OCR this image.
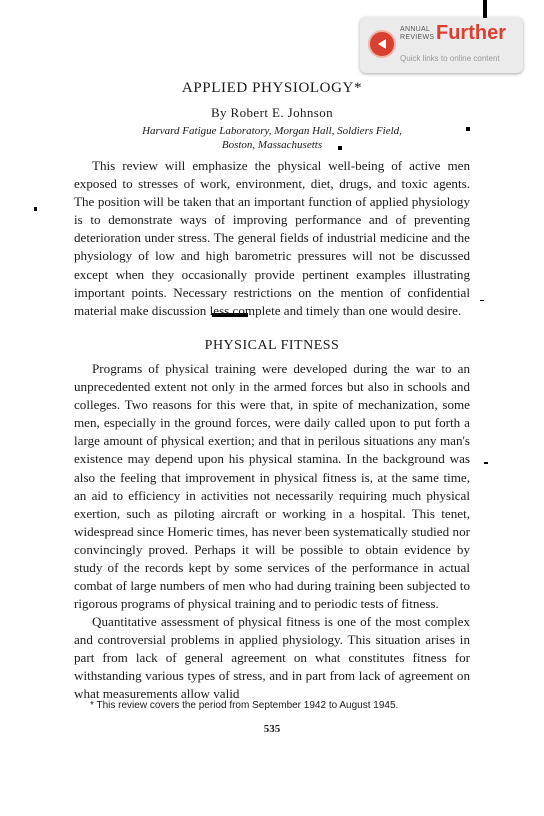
ANNUAL
REVIEWS Further
Quick links to online content
APPLIED PHYSIOLOGY*
By Robert E. Johnson
Harvard Fatigue Laboratory, Morgan Hall, Soldiers Field,
Boston, Massachusetts

This review will emphasize the physical well-being of active men exposed to stresses of work, environment, diet, drugs, and toxic agents. The position will be taken that an important function of applied physiology is to demonstrate ways of improving performance and of preventing deterioration under stress. The general fields of industrial medicine and the physiology of low and high barometric pressures will not be discussed except when they occasionally provide pertinent examples illustrating important points. Necessary restrictions on the mention of confidential material make discussion less complete and timely than one would desire.

PHYSICAL FITNESS

Programs of physical training were developed during the war to an unprecedented extent not only in the armed forces but also in schools and colleges. Two reasons for this were that, in spite of mechanization, some men, especially in the ground forces, were daily called upon to put forth a large amount of physical exertion; and that in perilous situations any man's existence may depend upon his physical stamina. In the background was also the feeling that improvement in physical fitness is, at the same time, an aid to efficiency in activities not necessarily requiring much physical exertion, such as piloting aircraft or working in a hospital. This tenet, widespread since Homeric times, has never been systematically studied nor convincingly proved. Perhaps it will be possible to obtain evidence by study of the records kept by some services of the performance in actual combat of large numbers of men who had during training been subjected to rigorous programs of physical training and to periodic tests of fitness.

Quantitative assessment of physical fitness is one of the most complex and controversial problems in applied physiology. This situation arises in part from lack of general agreement on what constitutes fitness for withstanding various types of stress, and in part from lack of agreement on what measurements allow valid

* This review covers the period from September 1942 to August 1945.
535
